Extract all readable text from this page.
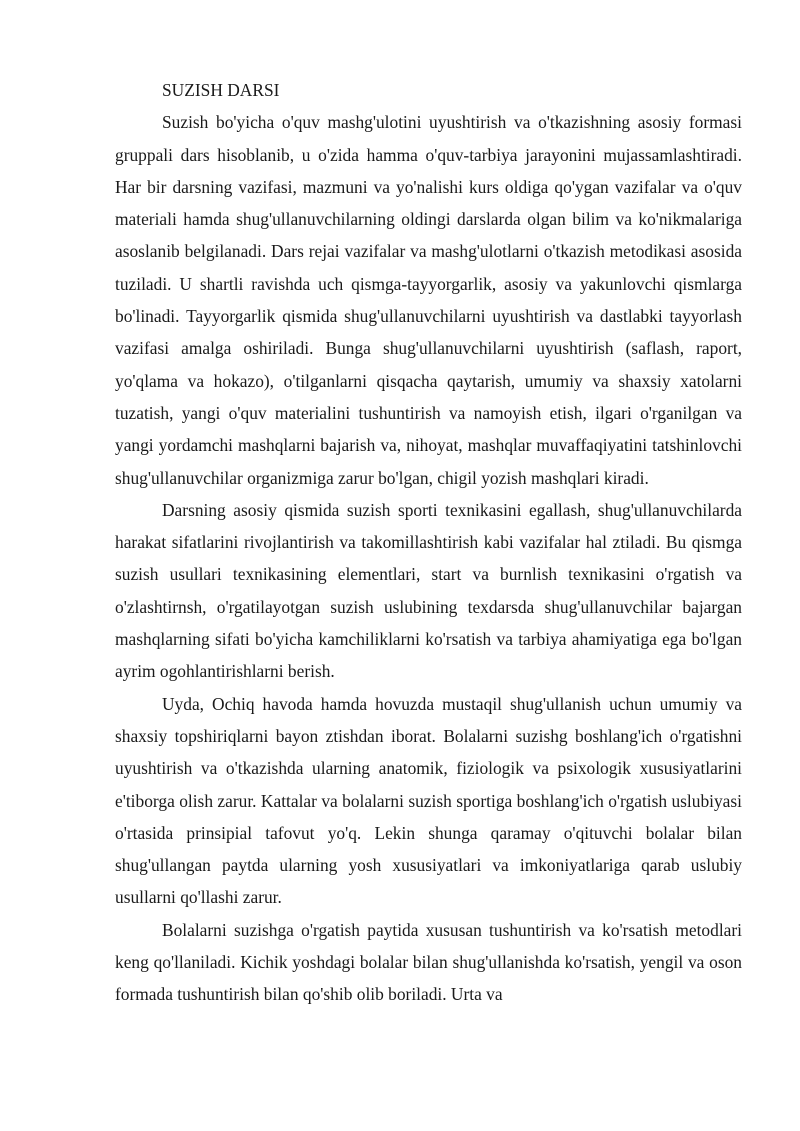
SUZISH DARSI

Suzish bo'yicha o'quv mashg'ulotini uyushtirish va o'tkazishning asosiy formasi gruppali dars hisoblanib, u o'zida hamma o'quv-tarbiya jarayonini mujassamlashtiradi. Har bir darsning vazifasi, mazmuni va yo'nalishi kurs oldiga qo'ygan vazifalar va o'quv materiali hamda shug'ullanuvchilarning oldingi darslarda olgan bilim va ko'nikmalariga asoslanib belgilanadi. Dars rejai vazifalar va mashg'ulotlarni o'tkazish metodikasi asosida tuziladi. U shartli ravishda uch qismga-tayyorgarlik, asosiy va yakunlovchi qismlarga bo'linadi. Tayyorgarlik qismida shug'ullanuvchilarni uyushtirish va dastlabki tayyorlash vazifasi amalga oshiriladi. Bunga shug'ullanuvchilarni uyushtirish (saflash, raport, yo'qlama va hokazo), o'tilganlarni qisqacha qaytarish, umumiy va shaxsiy xatolarni tuzatish, yangi o'quv materialini tushuntirish va namoyish etish, ilgari o'rganilgan va yangi yordamchi mashqlarni bajarish va, nihoyat, mashqlar muvaffaqiyatini tatshinlovchi shug'ullanuvchilar organizmiga zarur bo'lgan, chigil yozish mashqlari kiradi.

Darsning asosiy qismida suzish sporti texnikasini egallash, shug'ullanuvchilarda harakat sifatlarini rivojlantirish va takomillashtirish kabi vazifalar hal ztiladi. Bu qismga suzish usullari texnikasining elementlari, start va burnlish texnikasini o'rgatish va o'zlashtirnsh, o'rgatilayotgan suzish uslubining texdarsda shug'ullanuvchilar bajargan mashqlarning sifati bo'yicha kamchiliklarni ko'rsatish va tarbiya ahamiyatiga ega bo'lgan ayrim ogohlantirishlarni berish.

Uyda, Ochiq havoda hamda hovuzda mustaqil shug'ullanish uchun umumiy va shaxsiy topshiriqlarni bayon ztishdan iborat. Bolalarni suzishg boshlang'ich o'rgatishni uyushtirish va o'tkazishda ularning anatomik, fiziologik va psixologik xususiyatlarini e'tiborga olish zarur. Kattalar va bolalarni suzish sportiga boshlang'ich o'rgatish uslubiyasi o'rtasida prinsipial tafovut yo'q. Lekin shunga qaramay o'qituvchi bolalar bilan shug'ullangan paytda ularning yosh xususiyatlari va imkoniyatlariga qarab uslubiy usullarni qo'llashi zarur.

Bolalarni suzishga o'rgatish paytida xususan tushuntirish va ko'rsatish metodlari keng qo'llaniladi. Kichik yoshdagi bolalar bilan shug'ullanishda ko'rsatish, yengil va oson formada tushuntirish bilan qo'shib olib boriladi. Urta va
